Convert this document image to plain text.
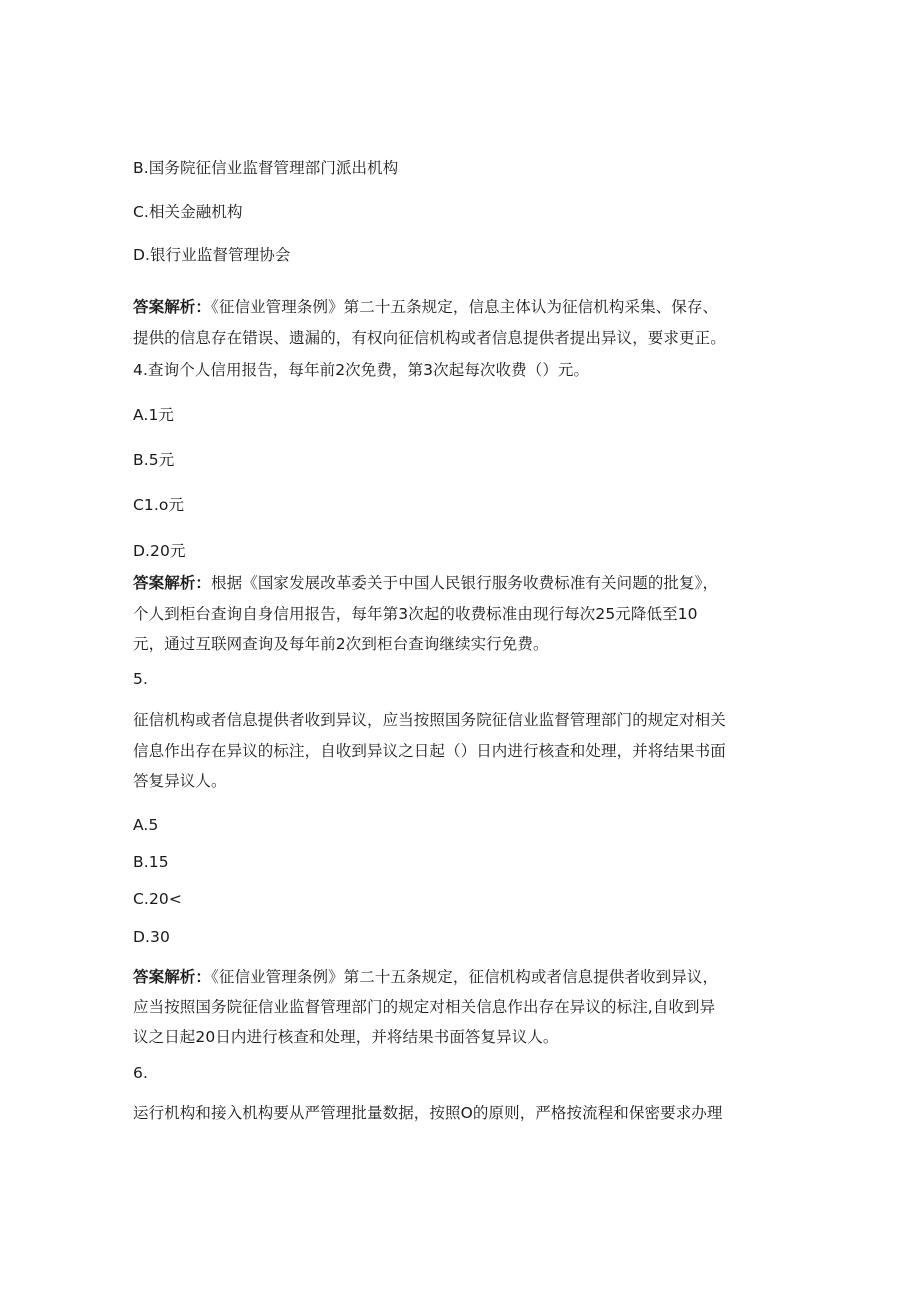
B.国务院征信业监督管理部门派出机构
C.相关金融机构
D.银行业监督管理协会
答案解析：《征信业管理条例》第二十五条规定，信息主体认为征信机构采集、保存、
提供的信息存在错误、遗漏的，有权向征信机构或者信息提供者提出异议，要求更正。
4.查询个人信用报告，每年前2次免费，第3次起每次收费（）元。
A.1元
B.5元
C1.o元
D.20元
答案解析：根据《国家发展改革委关于中国人民银行服务收费标准有关问题的批复》，
个人到柜台查询自身信用报告，每年第3次起的收费标准由现行每次25元降低至10
元，通过互联网查询及每年前2次到柜台查询继续实行免费。
5.
征信机构或者信息提供者收到异议，应当按照国务院征信业监督管理部门的规定对相关
信息作出存在异议的标注，自收到异议之日起（）日内进行核查和处理，并将结果书面
答复异议人。
A.5
B.15
C.20<
D.30
答案解析：《征信业管理条例》第二十五条规定，征信机构或者信息提供者收到异议，
应当按照国务院征信业监督管理部门的规定对相关信息作出存在异议的标注,自收到异
议之日起20日内进行核查和处理，并将结果书面答复异议人。
6.
运行机构和接入机构要从严管理批量数据，按照O的原则，严格按流程和保密要求办理
